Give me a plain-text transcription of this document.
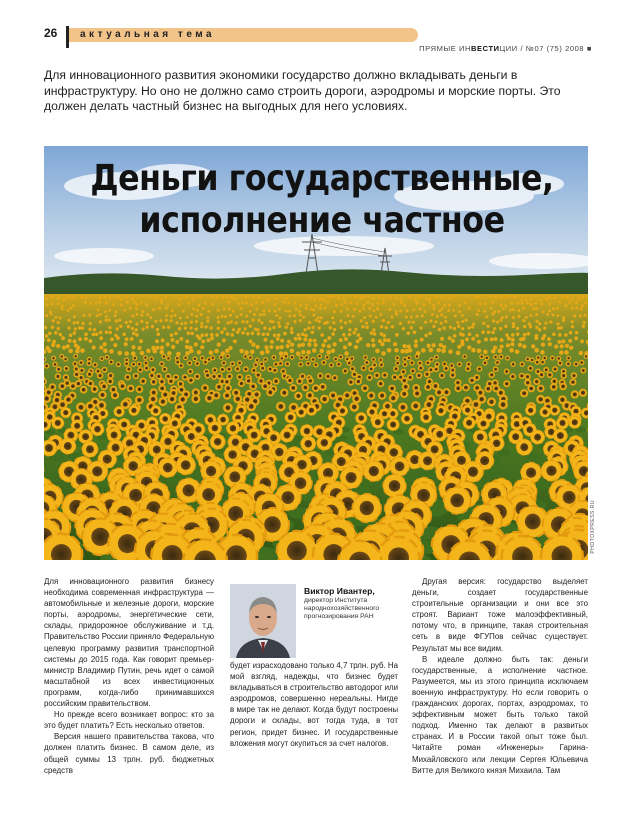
26 актуальная тема
ПРЯМЫЕ ИНВЕСТИЦИИ / №07 (75) 2008 ■
Для инновационного развития экономики государство должно вкладывать деньги в инфраструктуру. Но оно не должно само строить дороги, аэродромы и морские порты. Это должен делать частный бизнес на выгодных для него условиях.
PHOTOXPRESS.RU
Деньги государственные,
исполнение частное

Для инновационного развития бизнесу необходима современная инфраструктура — автомобильные и железные дороги, морские порты, аэродромы, энергетические сети, склады, придорожное обслуживание и т.д. Правительство России приняло Федеральную целевую программу развития транспортной системы до 2015 года. Как говорит премьер-министр Владимир Путин, речь идет о самой масштабной из всех инвестиционных программ, когда-либо принимавшихся российским правительством.

Но прежде всего возникает вопрос: кто за это будет платить? Есть несколько ответов.

Версия нашего правительства такова, что должен платить бизнес. В самом деле, из общей суммы 13 трлн. руб. бюджетных средств

Виктор Ивантер,
директор Института народнохозяйственного прогнозирования РАН

будет израсходовано только 4,7 трлн. руб. На мой взгляд, надежды, что бизнес будет вкладываться в строительство автодорог или аэродромов, совершенно нереальны. Нигде в мире так не делают. Когда будут построены дороги и склады, вот тогда туда, в тот регион, придет бизнес. И государственные вложения могут окупиться за счет налогов.

Другая версия: государство выделяет деньги, создает государственные строительные организации и они все это строят. Вариант тоже малоэффективный, потому что, в принципе, такая строительная сеть в виде ФГУПов сейчас существует. Результат мы все видим.

В идеале должно быть так: деньги государственные, а исполнение частное. Разумеется, мы из этого принципа исключаем военную инфраструктуру. Но если говорить о гражданских дорогах, портах, аэродромах, то эффективным может быть только такой подход. Именно так делают в развитых странах. И в России такой опыт тоже был. Читайте роман «Инженеры» Гарина-Михайловского или лекции Сергея Юльевича Витте для Великого князя Михаила. Там
